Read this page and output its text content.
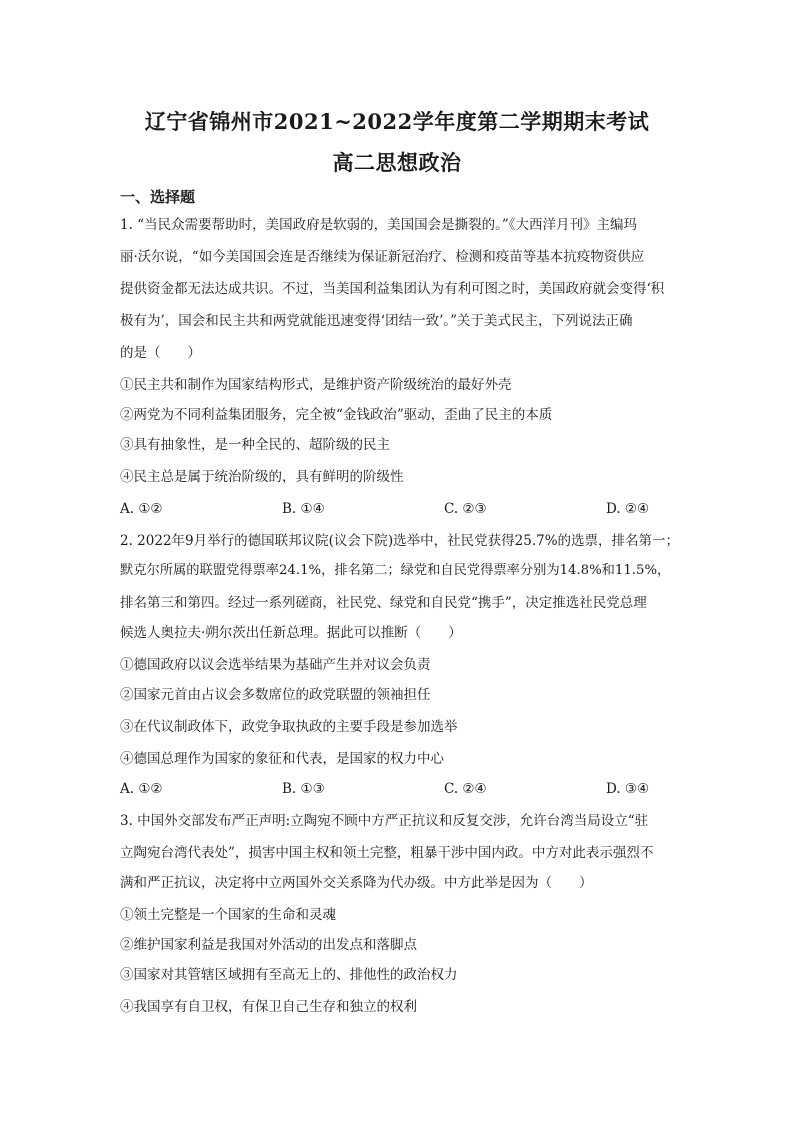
辽宁省锦州市2021~2022学年度第二学期期末考试
高二思想政治
一、选择题
1. “当民众需要帮助时，美国政府是软弱的，美国国会是撕裂的。”《大西洋月刊》主编玛
丽·沃尔说，“如今美国国会连是否继续为保证新冠治疗、检测和疫苗等基本抗疫物资供应
提供资金都无法达成共识。不过，当美国利益集团认为有利可图之时，美国政府就会变得‘积
极有为’，国会和民主共和两党就能迅速变得‘团结一致’。”关于美式民主，下列说法正确
的是（　　）
①民主共和制作为国家结构形式，是维护资产阶级统治的最好外壳
②两党为不同利益集团服务，完全被“金钱政治”驱动，歪曲了民主的本质
③具有抽象性，是一种全民的、超阶级的民主
④民主总是属于统治阶级的，具有鲜明的阶级性
A. ①②	B. ①④	C. ②③	D. ②④
2. 2022年9月举行的德国联邦议院(议会下院)选举中，社民党获得25.7%的选票，排名第一；
默克尔所属的联盟党得票率24.1%，排名第二；绿党和自民党得票率分别为14.8%和11.5%，
排名第三和第四。经过一系列磋商，社民党、绿党和自民党“携手”，决定推选社民党总理
候选人奥拉夫·朔尔茨出任新总理。据此可以推断（　　）
①德国政府以议会选举结果为基础产生并对议会负责
②国家元首由占议会多数席位的政党联盟的领袖担任
③在代议制政体下，政党争取执政的主要手段是参加选举
④德国总理作为国家的象征和代表，是国家的权力中心
A. ①②	B. ①③	C. ②④	D. ③④
3. 中国外交部发布严正声明:立陶宛不顾中方严正抗议和反复交涉，允许台湾当局设立“驻
立陶宛台湾代表处”，损害中国主权和领土完整，粗暴干涉中国内政。中方对此表示强烈不
满和严正抗议，决定将中立两国外交关系降为代办级。中方此举是因为（　　）
①领土完整是一个国家的生命和灵魂
②维护国家利益是我国对外活动的出发点和落脚点
③国家对其管辖区域拥有至高无上的、排他性的政治权力
④我国享有自卫权，有保卫自己生存和独立的权利
